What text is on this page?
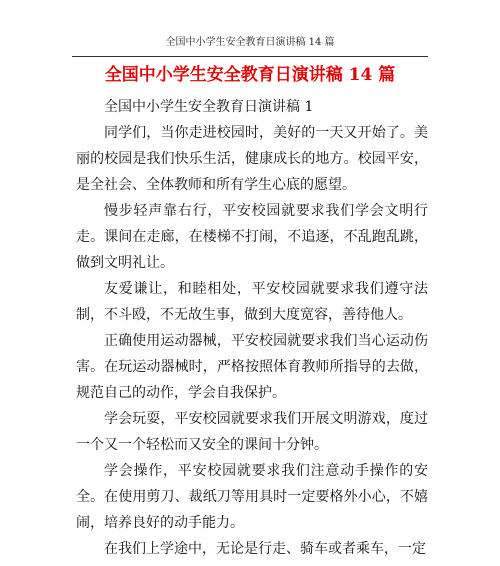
全国中小学生安全教育日演讲稿 14 篇
全国中小学生安全教育日演讲稿 14 篇

全国中小学生安全教育日演讲稿 1

同学们，当你走进校园时，美好的一天又开始了。美丽的校园是我们快乐生活，健康成长的地方。校园平安，是全社会、全体教师和所有学生心底的愿望。

慢步轻声靠右行，平安校园就要求我们学会文明行走。课间在走廊，在楼梯不打闹，不追逐，不乱跑乱跳，做到文明礼让。

友爱谦让，和睦相处，平安校园就要求我们遵守法制，不斗殴，不无故生事，做到大度宽容，善待他人。

正确使用运动器械，平安校园就要求我们当心运动伤害。在玩运动器械时，严格按照体育教师所指导的去做，规范自己的动作，学会自我保护。

学会玩耍，平安校园就要求我们开展文明游戏，度过一个又一个轻松而又安全的课间十分钟。

学会操作，平安校园就要求我们注意动手操作的安全。在使用剪刀、裁纸刀等用具时一定要格外小心，不嬉闹，培养良好的动手能力。

在我们上学途中，无论是行走、骑车或者乘车，一定
